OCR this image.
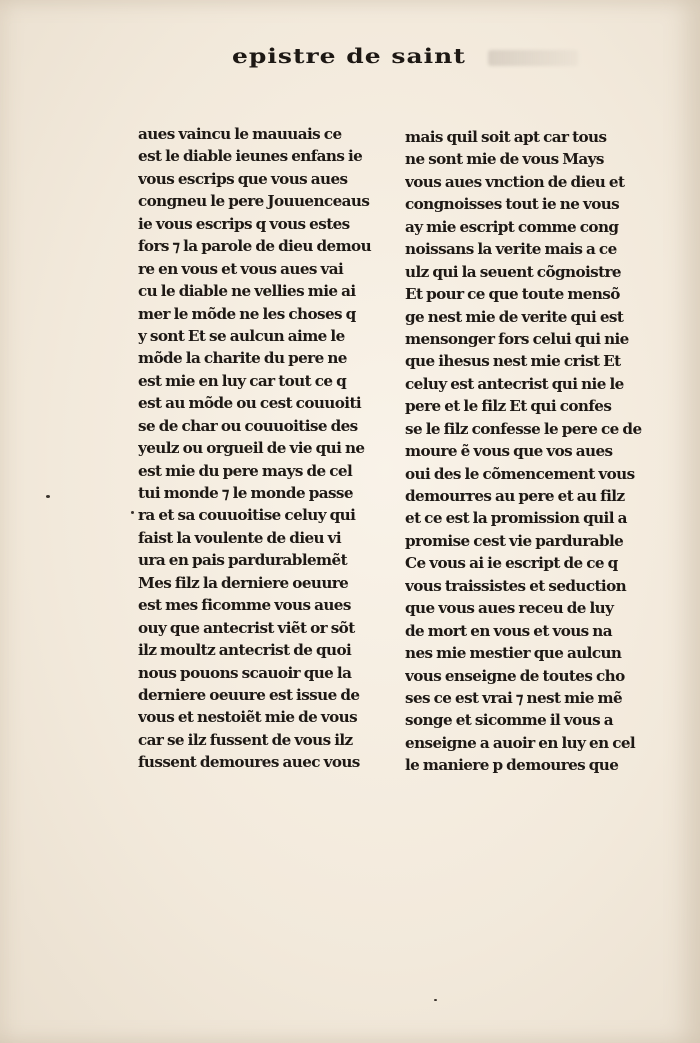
epistre de saint
aues vaincu le mauuais ce
est le diable ieunes enfans ie
vous escrips que vous aues
congneu le pere Jouuenceaus
ie vous escrips q vous estes
fors ⁊ la parole de dieu demou
re en vous et vous aues vai
cu le diable ne vellies mie ai
mer le mõde ne les choses q
y sont Et se aulcun aime le
mõde la charite du pere ne
est mie en luy car tout ce q
est au mõde ou cest couuoiti
se de char ou couuoitise des
yeulz ou orgueil de vie qui ne
est mie du pere mays de cel
tui monde ⁊ le monde passe
ra et sa couuoitise celuy qui
faist la voulente de dieu vi
ura en pais pardurablemẽt
Mes filz la derniere oeuure
est mes ficomme vous aues
ouy que antecrist viẽt or sõt
ilz moultz antecrist de quoi
nous pouons scauoir que la
derniere oeuure est issue de
vous et nestoiẽt mie de vous
car se ilz fussent de vous ilz
fussent demoures auec vous
mais quil soit apt car tous
ne sont mie de vous Mays
vous aues vnction de dieu et
congnoisses tout ie ne vous
ay mie escript comme cong
noissans la verite mais a ce
ulz qui la seuent cõgnoistre
Et pour ce que toute mensõ
ge nest mie de verite qui est
mensonger fors celui qui nie
que ihesus nest mie crist Et
celuy est antecrist qui nie le
pere et le filz Et qui confes
se le filz confesse le pere ce de
moure ẽ vous que vos aues
oui des le cõmencement vous
demourres au pere et au filz
et ce est la promission quil a
promise cest vie pardurable
Ce vous ai ie escript de ce q
vous traissistes et seduction
que vous aues receu de luy
de mort en vous et vous na
nes mie mestier que aulcun
vous enseigne de toutes cho
ses ce est vrai ⁊ nest mie mẽ
songe et sicomme il vous a
enseigne a auoir en luy en cel
le maniere p demoures que
